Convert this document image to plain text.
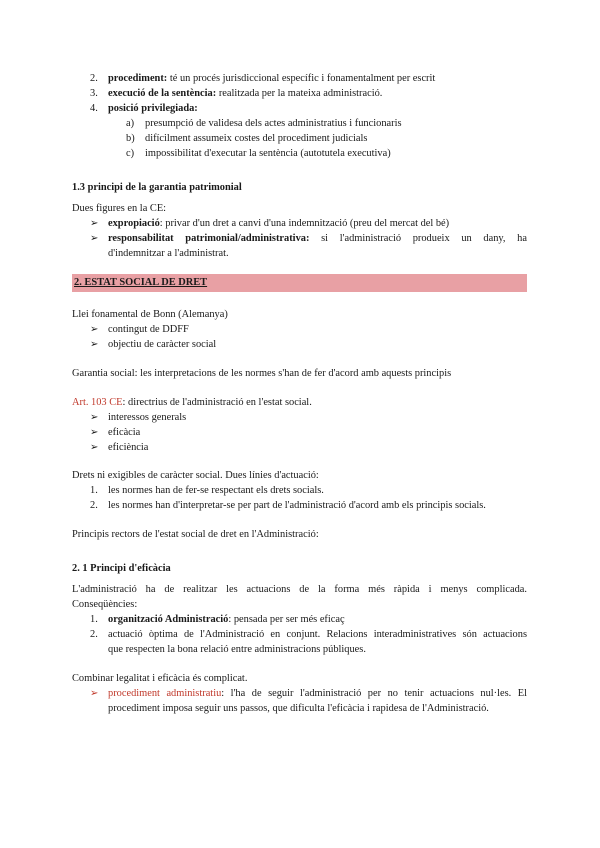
2. procediment: té un procés jurisdiccional específic i fonamentalment per escrit
3. execució de la sentència: realitzada per la mateixa administració.
4. posició privilegiada:
a) presumpció de validesa dels actes administratius i funcionaris
b) difícilment assumeix costes del procediment judicials
c) impossibilitat d'executar la sentència (autotutela executiva)
1.3 principi de la garantia patrimonial
Dues figures en la CE:
➢ expropiació: privar d'un dret a canvi d'una indemnització (preu del mercat del bé)
➢ responsabilitat patrimonial/administrativa: si l'administració produeix un dany, ha
d'indemnitzar a l'administrat.
2. ESTAT SOCIAL DE DRET
Llei fonamental de Bonn (Alemanya)
➢ contingut de DDFF
➢ objectiu de caràcter social
Garantia social: les interpretacions de les normes s'han de fer d'acord amb aquests principis
Art. 103 CE: directrius de l'administració en l'estat social.
➢ interessos generals
➢ eficàcia
➢ eficiència
Drets ni exigibles de caràcter social. Dues línies d'actuació:
1. les normes han de fer-se respectant els drets socials.
2. les normes han d'interpretar-se per part de l'administració d'acord amb els principis socials.
Principis rectors de l'estat social de dret en l'Administració:
2. 1 Principi d'eficàcia
L'administració ha de realitzar les actuacions de la forma més ràpida i menys complicada.
Conseqüències:
1. organització Administració: pensada per ser més eficaç
2. actuació òptima de l'Administració en conjunt. Relacions interadministratives són actuacions
que respecten la bona relació entre administracions públiques.
Combinar legalitat i eficàcia és complicat.
➢ procediment administratiu: l'ha de seguir l'administració per no tenir actuacions nul·les. El
procediment imposa seguir uns passos, que dificulta l'eficàcia i rapidesa de l'Administració.
